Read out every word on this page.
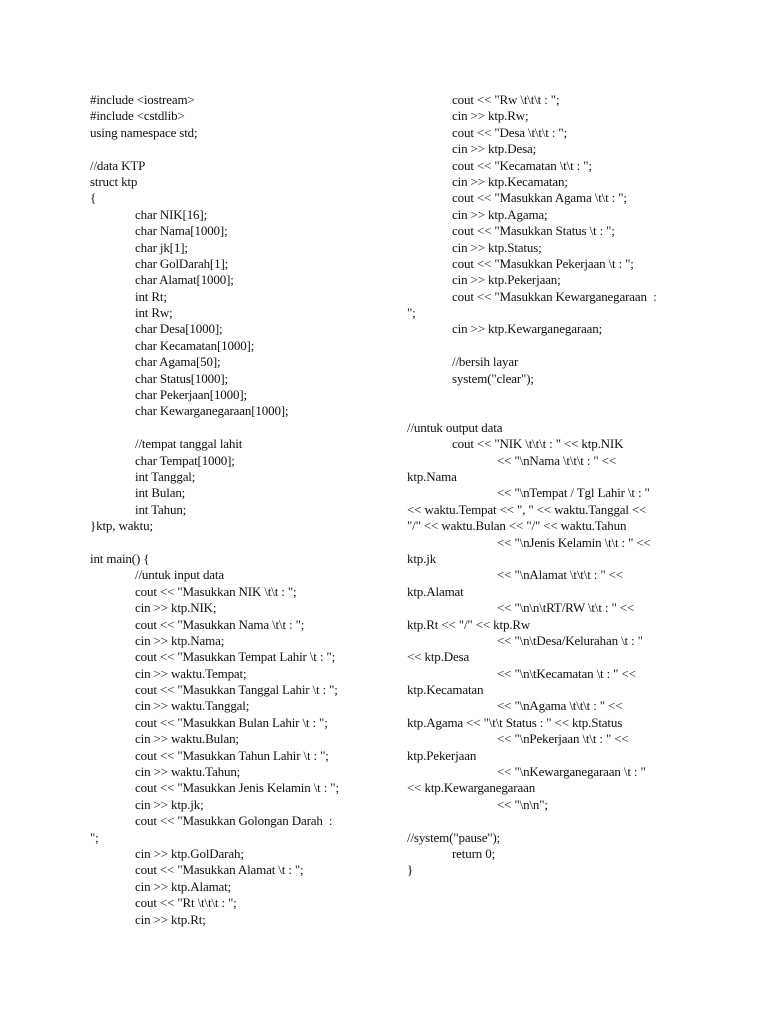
#include <iostream>
#include <cstdlib>
using namespace std;
//data KTP
struct ktp
{
char NIK[16];
char Nama[1000];
char jk[1];
char GolDarah[1];
char Alamat[1000];
int Rt;
int Rw;
char Desa[1000];
char Kecamatan[1000];
char Agama[50];
char Status[1000];
char Pekerjaan[1000];
char Kewarganegaraan[1000];
//tempat tanggal lahit
char Tempat[1000];
int Tanggal;
int Bulan;
int Tahun;
}ktp, waktu;
int main() {
//untuk input data
cout << "Masukkan NIK \t\t : ";
cin >> ktp.NIK;
cout << "Masukkan Nama \t\t : ";
cin >> ktp.Nama;
cout << "Masukkan Tempat Lahir \t : ";
cin >> waktu.Tempat;
cout << "Masukkan Tanggal Lahir \t : ";
cin >> waktu.Tanggal;
cout << "Masukkan Bulan Lahir \t : ";
cin >> waktu.Bulan;
cout << "Masukkan Tahun Lahir \t : ";
cin >> waktu.Tahun;
cout << "Masukkan Jenis Kelamin \t : ";
cin >> ktp.jk;
cout << "Masukkan Golongan Darah  :
";
cin >> ktp.GolDarah;
cout << "Masukkan Alamat \t : ";
cin >> ktp.Alamat;
cout << "Rt \t\t\t : ";
cin >> ktp.Rt;
cout << "Rw \t\t\t : ";
cin >> ktp.Rw;
cout << "Desa \t\t\t : ";
cin >> ktp.Desa;
cout << "Kecamatan \t\t : ";
cin >> ktp.Kecamatan;
cout << "Masukkan Agama \t\t : ";
cin >> ktp.Agama;
cout << "Masukkan Status \t : ";
cin >> ktp.Status;
cout << "Masukkan Pekerjaan \t : ";
cin >> ktp.Pekerjaan;
cout << "Masukkan Kewarganegaraan  :
";
cin >> ktp.Kewarganegaraan;
//bersih layar
system("clear");
//untuk output data
cout << "NIK \t\t\t : " << ktp.NIK
<< "\nNama \t\t\t : " <<
ktp.Nama
<< "\nTempat / Tgl Lahir \t : "
<< waktu.Tempat << ", " << waktu.Tanggal <<
"/" << waktu.Bulan << "/" << waktu.Tahun
<< "\nJenis Kelamin \t\t : " <<
ktp.jk
<< "\nAlamat \t\t\t : " <<
ktp.Alamat
<< "\n\n\tRT/RW \t\t : " <<
ktp.Rt << "/" << ktp.Rw
<< "\n\tDesa/Kelurahan \t : "
<< ktp.Desa
<< "\n\tKecamatan \t : " <<
ktp.Kecamatan
<< "\nAgama \t\t\t : " <<
ktp.Agama << "\t\t Status : " << ktp.Status
<< "\nPekerjaan \t\t : " <<
ktp.Pekerjaan
<< "\nKewarganegaraan \t : "
<< ktp.Kewarganegaraan
<< "\n\n";
//system("pause");
return 0;
}
